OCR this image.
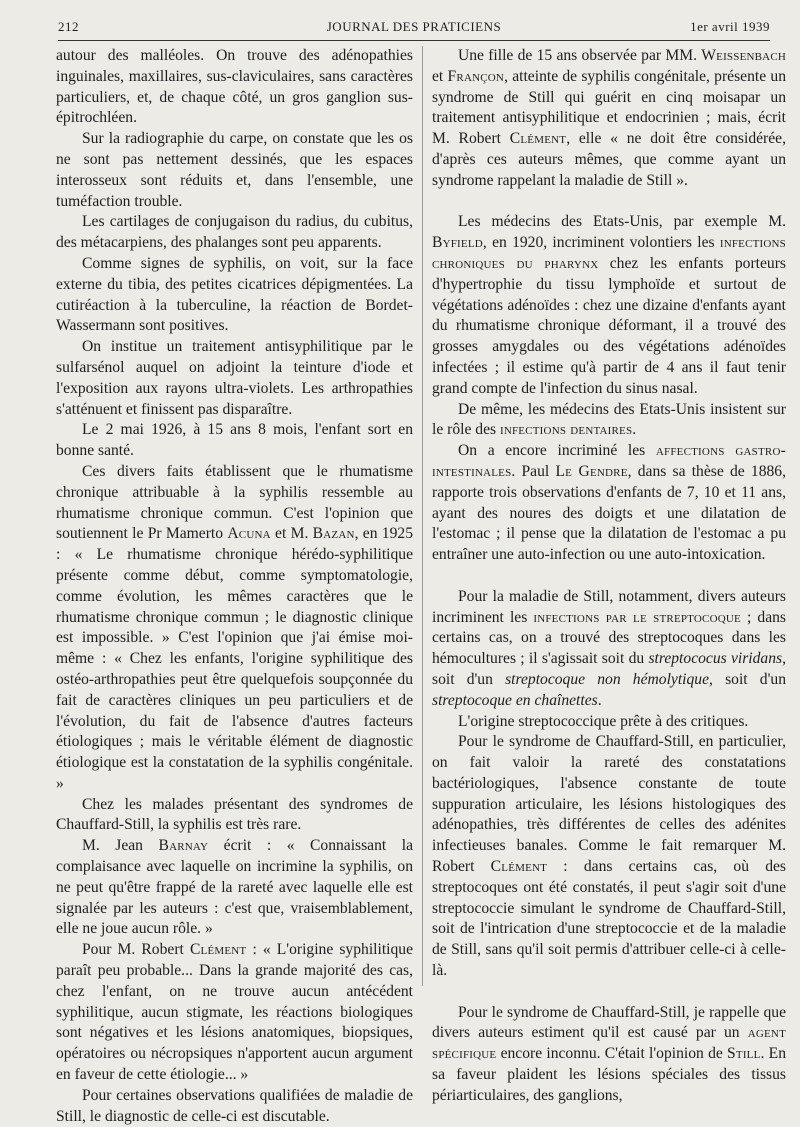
212	JOURNAL DES PRATICIENS	1er avril 1939

autour des malléoles. On trouve des adénopathies inguinales, maxillaires, sus-claviculaires, sans caractères particuliers, et, de chaque côté, un gros ganglion sus-épitrochléen.

Sur la radiographie du carpe, on constate que les os ne sont pas nettement dessinés, que les espaces interosseux sont réduits et, dans l'ensemble, une tuméfaction trouble.

Les cartilages de conjugaison du radius, du cubitus, des métacarpiens, des phalanges sont peu apparents.

Comme signes de syphilis, on voit, sur la face externe du tibia, des petites cicatrices dépigmentées. La cutiréaction à la tuberculine, la réaction de Bordet-Wassermann sont positives.

On institue un traitement antisyphilitique par le sulfarsénol auquel on adjoint la teinture d'iode et l'exposition aux rayons ultra-violets. Les arthropathies s'atténuent et finissent pas disparaître.

Le 2 mai 1926, à 15 ans 8 mois, l'enfant sort en bonne santé.

Ces divers faits établissent que le rhumatisme chronique attribuable à la syphilis ressemble au rhumatisme chronique commun. C'est l'opinion que soutiennent le Pr Mamerto Acuna et M. Bazan, en 1925 : « Le rhumatisme chronique hérédo-syphilitique présente comme début, comme symptomatologie, comme évolution, les mêmes caractères que le rhumatisme chronique commun ; le diagnostic clinique est impossible. » C'est l'opinion que j'ai émise moi-même : « Chez les enfants, l'origine syphilitique des ostéo-arthropathies peut être quelquefois soupçonnée du fait de caractères cliniques un peu particuliers et de l'évolution, du fait de l'absence d'autres facteurs étiologiques ; mais le véritable élément de diagnostic étiologique est la constatation de la syphilis congénitale. »

Chez les malades présentant des syndromes de Chauffard-Still, la syphilis est très rare.

M. Jean Barnay écrit : « Connaissant la complaisance avec laquelle on incrimine la syphilis, on ne peut qu'être frappé de la rareté avec laquelle elle est signalée par les auteurs : c'est que, vraisemblablement, elle ne joue aucun rôle. »

Pour M. Robert Clément : « L'origine syphilitique paraît peu probable... Dans la grande majorité des cas, chez l'enfant, on ne trouve aucun antécédent syphilitique, aucun stigmate, les réactions biologiques sont négatives et les lésions anatomiques, biopsiques, opératoires ou nécropsiques n'apportent aucun argument en faveur de cette étiologie... »

Pour certaines observations qualifiées de maladie de Still, le diagnostic de celle-ci est discutable.

Une fille de 15 ans observée par MM. Weissenbach et Françon, atteinte de syphilis congénitale, présente un syndrome de Still qui guérit en cinq moisapar un traitement antisyphilitique et endocrinien ; mais, écrit M. Robert Clément, elle « ne doit être considérée, d'après ces auteurs mêmes, que comme ayant un syndrome rappelant la maladie de Still ».

Les médecins des Etats-Unis, par exemple M. Byfield, en 1920, incriminent volontiers les infections chroniques du pharynx chez les enfants porteurs d'hypertrophie du tissu lymphoïde et surtout de végétations adénoïdes : chez une dizaine d'enfants ayant du rhumatisme chronique déformant, il a trouvé des grosses amygdales ou des végétations adénoïdes infectées ; il estime qu'à partir de 4 ans il faut tenir grand compte de l'infection du sinus nasal.

De même, les médecins des Etats-Unis insistent sur le rôle des infections dentaires.

On a encore incriminé les affections gastro-intestinales. Paul Le Gendre, dans sa thèse de 1886, rapporte trois observations d'enfants de 7, 10 et 11 ans, ayant des noures des doigts et une dilatation de l'estomac ; il pense que la dilatation de l'estomac a pu entraîner une auto-infection ou une auto-intoxication.

Pour la maladie de Still, notamment, divers auteurs incriminent les infections par le streptocoque ; dans certains cas, on a trouvé des streptocoques dans les hémocultures ; il s'agissait soit du streptococus viridans, soit d'un streptocoque non hémolytique, soit d'un streptocoque en chaînettes.

L'origine streptococcique prête à des critiques.

Pour le syndrome de Chauffard-Still, en particulier, on fait valoir la rareté des constatations bactériologiques, l'absence constante de toute suppuration articulaire, les lésions histologiques des adénopathies, très différentes de celles des adénites infectieuses banales. Comme le fait remarquer M. Robert Clément : dans certains cas, où des streptocoques ont été constatés, il peut s'agir soit d'une streptococcie simulant le syndrome de Chauffard-Still, soit de l'intrication d'une streptococcie et de la maladie de Still, sans qu'il soit permis d'attribuer celle-ci à celle-là.

Pour le syndrome de Chauffard-Still, je rappelle que divers auteurs estiment qu'il est causé par un agent spécifique encore inconnu. C'était l'opinion de Still. En sa faveur plaident les lésions spéciales des tissus périarticulaires, des ganglions,
